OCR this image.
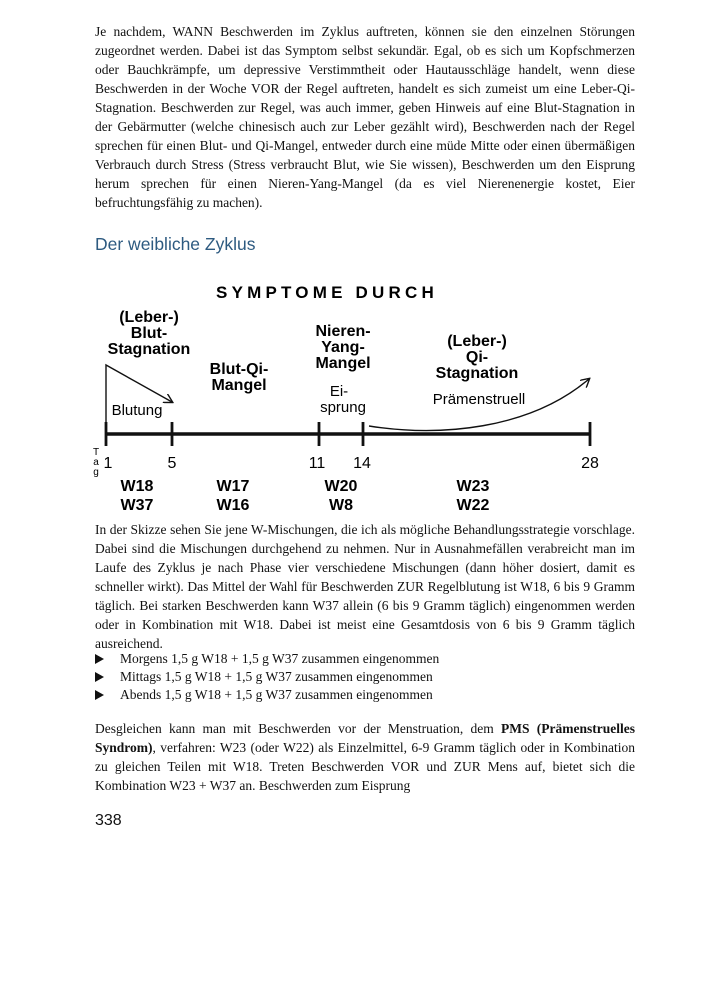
Je nachdem, WANN Beschwerden im Zyklus auftreten, können sie den einzelnen Störungen zugeordnet werden. Dabei ist das Symptom selbst sekundär. Egal, ob es sich um Kopfschmerzen oder Bauchkrämpfe, um depressive Verstimmtheit oder Hautausschläge handelt, wenn diese Beschwerden in der Woche VOR der Regel auftreten, handelt es sich zumeist um eine Leber-Qi-Stagnation. Beschwerden zur Regel, was auch immer, geben Hinweis auf eine Blut-Stagnation in der Gebärmutter (welche chinesisch auch zur Leber gezählt wird), Beschwerden nach der Regel sprechen für einen Blut- und Qi-Mangel, entweder durch eine müde Mitte oder einen übermäßigen Verbrauch durch Stress (Stress verbraucht Blut, wie Sie wissen), Beschwerden um den Eisprung herum sprechen für einen Nieren-Yang-Mangel (da es viel Nierenenergie kostet, Eier befruchtungsfähig zu machen).

Der weibliche Zyklus
SYMPTOME DURCH
(Leber-)
Blut-
Stagnation
Blut-Qi-
Mangel
Nieren-
Yang-
Mangel
(Leber-)
Qi-
Stagnation
Blutung
Ei-
sprung	Prämenstruell
T
a
g
1	5	11 14	28
W18
W37
W17
W16
W20
W8
W23
W22

In der Skizze sehen Sie jene W-Mischungen, die ich als mögliche Behandlungsstrategie vorschlage. Dabei sind die Mischungen durchgehend zu nehmen. Nur in Ausnahmefällen verabreicht man im Laufe des Zyklus je nach Phase vier verschiedene Mischungen (dann höher dosiert, damit es schneller wirkt). Das Mittel der Wahl für Beschwerden ZUR Regelblutung ist W18, 6 bis 9 Gramm täglich. Bei starken Beschwerden kann W37 allein (6 bis 9 Gramm täglich) eingenommen werden oder in Kombination mit W18. Dabei ist meist eine Gesamtdosis von 6 bis 9 Gramm täglich ausreichend.

Morgens 1,5 g W18 + 1,5 g W37 zusammen eingenommen
Mittags 1,5 g W18 + 1,5 g W37 zusammen eingenommen
Abends 1,5 g W18 + 1,5 g W37 zusammen eingenommen

Desgleichen kann man mit Beschwerden vor der Menstruation, dem PMS (Prämenstruelles Syndrom), verfahren: W23 (oder W22) als Einzelmittel, 6-9 Gramm täglich oder in Kombination zu gleichen Teilen mit W18. Treten Beschwerden VOR und ZUR Mens auf, bietet sich die Kombination W23 + W37 an. Beschwerden zum Eisprung

338
